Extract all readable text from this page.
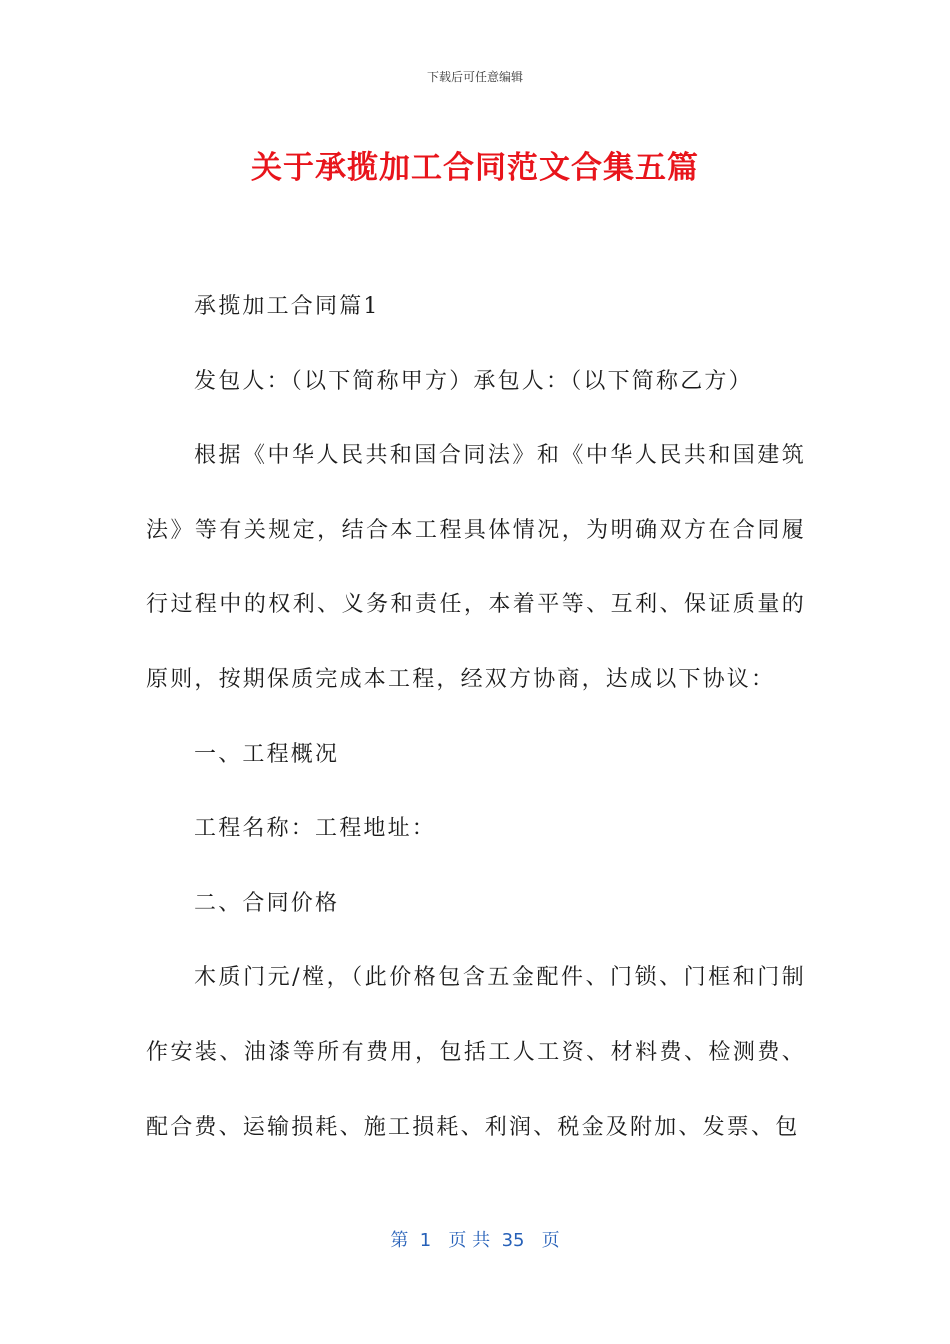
下载后可任意编辑
关于承揽加工合同范文合集五篇

承揽加工合同篇1

发包人：（以下简称甲方）承包人：（以下简称乙方）

根据《中华人民共和国合同法》和《中华人民共和国建筑法》等有关规定，结合本工程具体情况，为明确双方在合同履行过程中的权利、义务和责任，本着平等、互利、保证质量的原则，按期保质完成本工程，经双方协商，达成以下协议：

一、工程概况

工程名称：工程地址：

二、合同价格

木质门元/樘，（此价格包含五金配件、门锁、门框和门制作安装、油漆等所有费用，包括工人工资、材料费、检测费、配合费、运输损耗、施工损耗、利润、税金及附加、发票、包

第  1   页 共  35   页
